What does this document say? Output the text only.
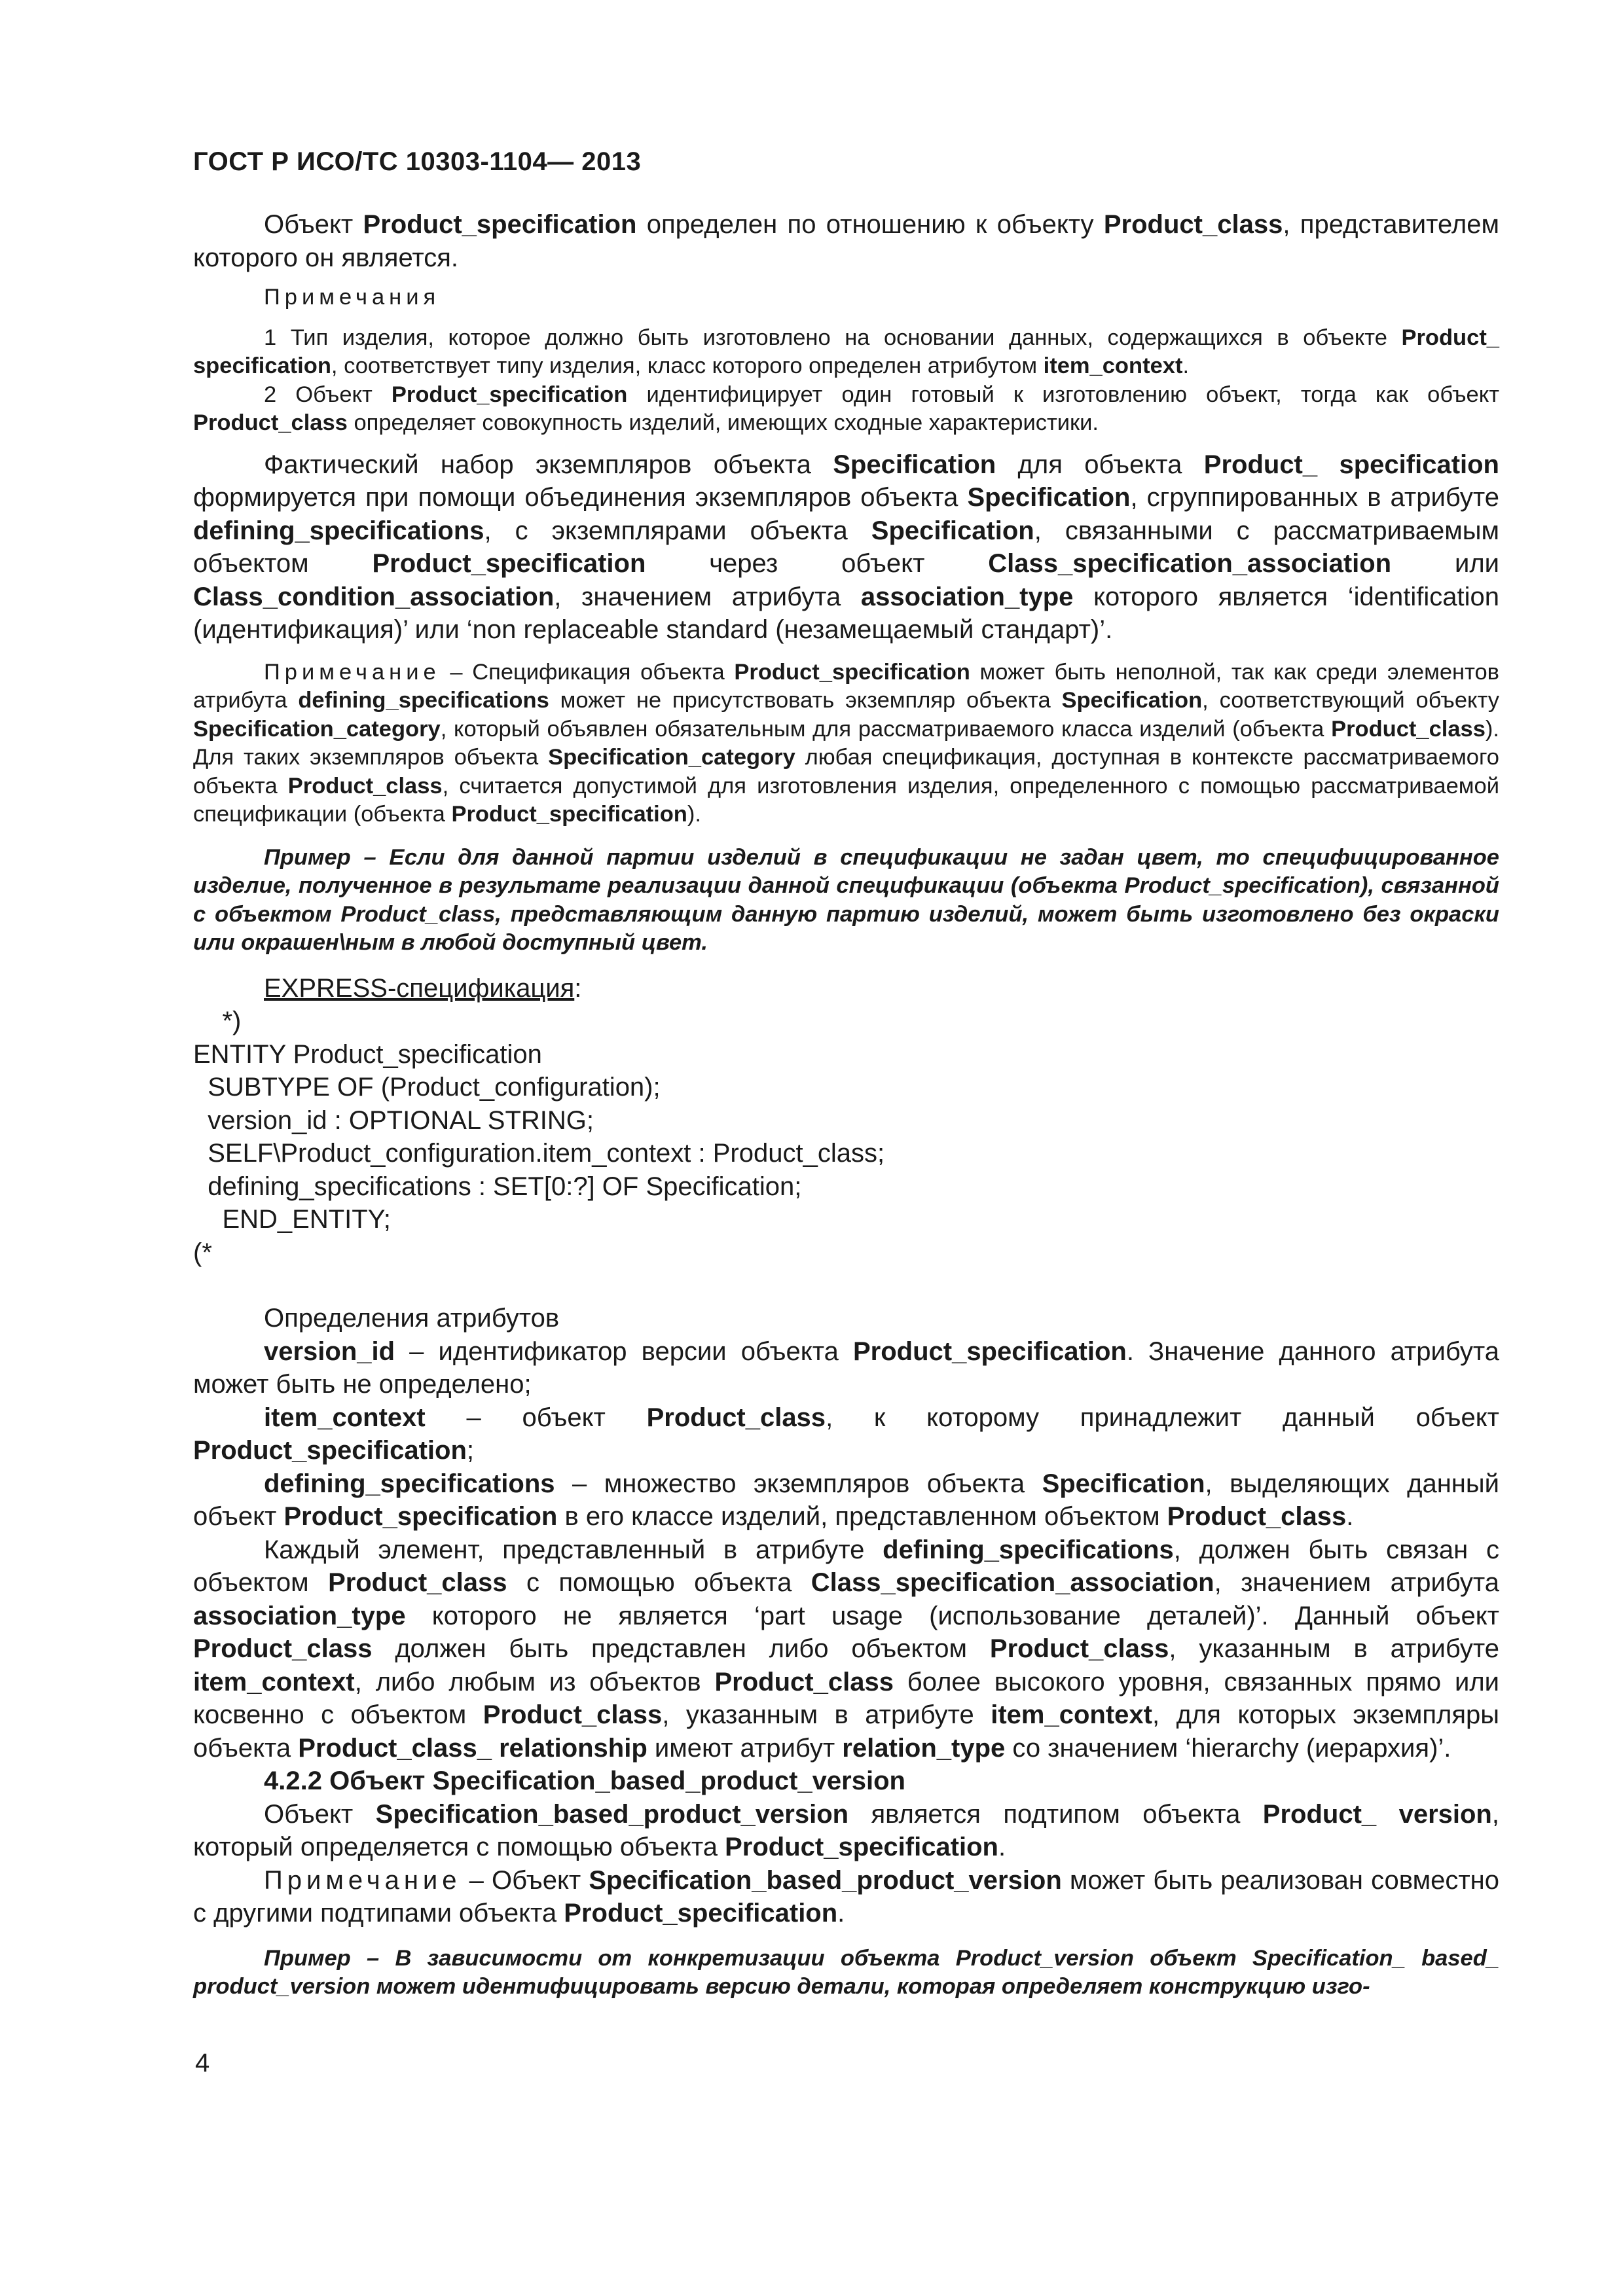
ГОСТ Р ИСО/ТС 10303-1104— 2013

Объект Product_specification определен по отношению к объекту Product_class, представителем которого он является.

Примечания

1 Тип изделия, которое должно быть изготовлено на основании данных, содержащихся в объекте Product_ specification, соответствует типу изделия, класс которого определен атрибутом item_context.

2 Объект Product_specification идентифицирует один готовый к изготовлению объект, тогда как объект Product_class определяет совокупность изделий, имеющих сходные характеристики.

Фактический набор экземпляров объекта Specification для объекта Product_ specification формируется при помощи объединения экземпляров объекта Specification, сгруппированных в атрибуте defining_specifications, с экземплярами объекта Specification, связанными с рассматриваемым объектом Product_specification через объект Class_specification_association или Class_condition_association, значением атрибута association_type которого является ‘identification (идентификация)’ или ‘non replaceable standard (незамещаемый стандарт)’.

Примечание – Спецификация объекта Product_specification может быть неполной, так как среди элементов атрибута defining_specifications может не присутствовать экземпляр объекта Specification, соответствующий объекту Specification_category, который объявлен обязательным для рассматриваемого класса изделий (объекта Product_class). Для таких экземпляров объекта Specification_category любая спецификация, доступная в контексте рассматриваемого объекта Product_class, считается допустимой для изготовления изделия, определенного с помощью рассматриваемой спецификации (объекта Product_specification).

Пример – Если для данной партии изделий в спецификации не задан цвет, то специфицированное изделие, полученное в результате реализации данной спецификации (объекта Product_specification), связанной с объектом Product_class, представляющим данную партию изделий, может быть изготовлено без окраски или окрашен\ным в любой доступный цвет.

EXPRESS-спецификация:

*)
ENTITY Product_specification
SUBTYPE OF (Product_configuration);
version_id : OPTIONAL STRING;
SELF\Product_configuration.item_context : Product_class;
defining_specifications : SET[0:?] OF Specification;
END_ENTITY;
(*

Определения атрибутов

version_id – идентификатор версии объекта Product_specification. Значение данного атрибута может быть не определено;

item_context – объект Product_class, к которому принадлежит данный объект Product_specification;

defining_specifications – множество экземпляров объекта Specification, выделяющих данный объект Product_specification в его классе изделий, представленном объектом Product_class.

Каждый элемент, представленный в атрибуте defining_specifications, должен быть связан с объектом Product_class с помощью объекта Class_specification_association, значением атрибута association_type которого не является ‘part usage (использование деталей)’. Данный объект Product_class должен быть представлен либо объектом Product_class, указанным в атрибуте item_context, либо любым из объектов Product_class более высокого уровня, связанных прямо или косвенно с объектом Product_class, указанным в атрибуте item_context, для которых экземпляры объекта Product_class_ relationship имеют атрибут relation_type со значением ‘hierarchy (иерархия)’.

4.2.2 Объект Specification_based_product_version

Объект Specification_based_product_version является подтипом объекта Product_ version, который определяется с помощью объекта Product_specification.

Примечание – Объект Specification_based_product_version может быть реализован совместно с другими подтипами объекта Product_specification.

Пример – В зависимости от конкретизации объекта Product_version объект Specification_ based_ product_version может идентифицировать версию детали, которая определяет конструкцию изго-

4
